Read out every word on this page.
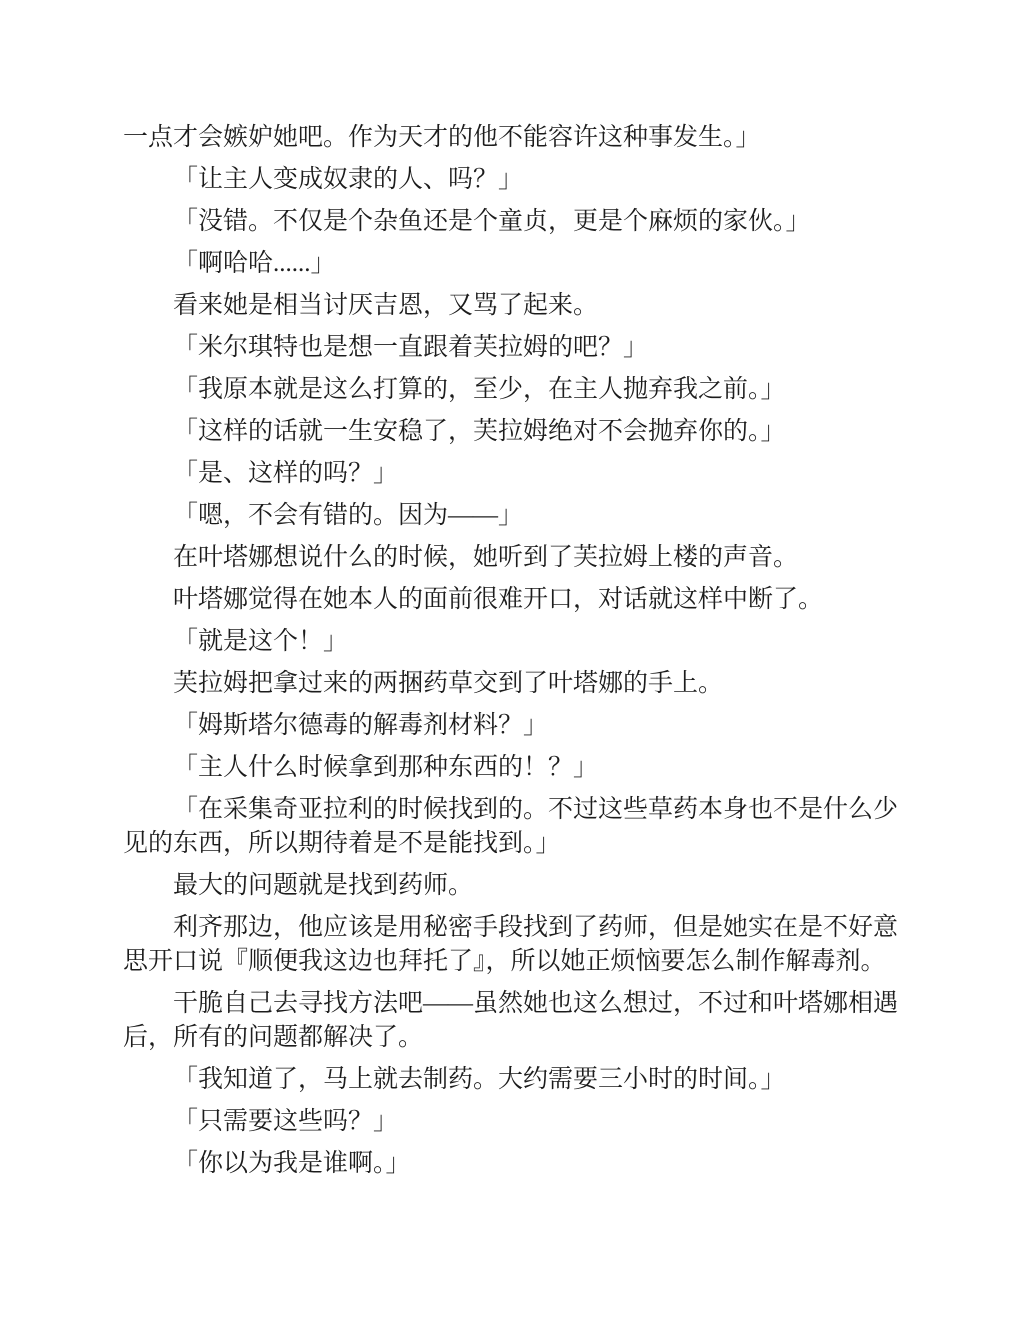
一点才会嫉妒她吧。作为天才的他不能容许这种事发生。」

「让主人变成奴隶的人、吗？」

「没错。不仅是个杂鱼还是个童贞，更是个麻烦的家伙。」

「啊哈哈......」

看来她是相当讨厌吉恩，又骂了起来。

「米尔琪特也是想一直跟着芙拉姆的吧？」

「我原本就是这么打算的，至少，在主人抛弃我之前。」

「这样的话就一生安稳了，芙拉姆绝对不会抛弃你的。」

「是、这样的吗？」

「嗯，不会有错的。因为——」

在叶塔娜想说什么的时候，她听到了芙拉姆上楼的声音。

叶塔娜觉得在她本人的面前很难开口，对话就这样中断了。

「就是这个！」

芙拉姆把拿过来的两捆药草交到了叶塔娜的手上。

「姆斯塔尔德毒的解毒剂材料？」

「主人什么时候拿到那种东西的！？」

「在采集奇亚拉利的时候找到的。不过这些草药本身也不是什么少见的东西，所以期待着是不是能找到。」

最大的问题就是找到药师。

利齐那边，他应该是用秘密手段找到了药师，但是她实在是不好意思开口说『顺便我这边也拜托了』，所以她正烦恼要怎么制作解毒剂。

干脆自己去寻找方法吧——虽然她也这么想过，不过和叶塔娜相遇后，所有的问题都解决了。

「我知道了，马上就去制药。大约需要三小时的时间。」

「只需要这些吗？」

「你以为我是谁啊。」
